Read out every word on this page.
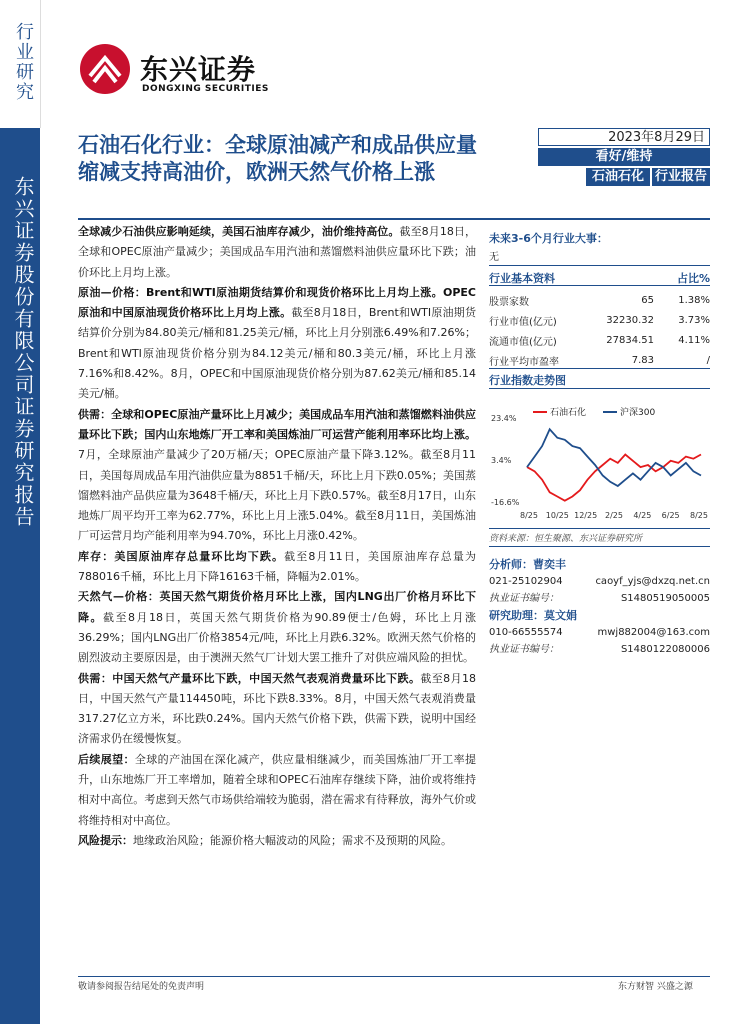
行业研究
东兴证券股份有限公司证券研究报告
东兴证券
DONGXING SECURITIES
石油石化行业：全球原油减产和成品供应量缩减支持高油价，欧洲天然气价格上涨
2023年8月29日
看好/维持
石油石化 行业报告

全球减少石油供应影响延续，美国石油库存减少，油价维持高位。截至8月18日，全球和OPEC原油产量减少；美国成品车用汽油和蒸馏燃料油供应量环比下跌；油价环比上月均上涨。

原油—价格：Brent和WTI原油期货结算价和现货价格环比上月均上涨。OPEC原油和中国原油现货价格环比上月均上涨。截至8月18日，Brent和WTI原油期货结算价分别为84.80美元/桶和81.25美元/桶，环比上月分别涨6.49%和7.26%；Brent和WTI原油现货价格分别为84.12美元/桶和80.3美元/桶，环比上月涨7.16%和8.42%。8月，OPEC和中国原油现货价格分别为87.62美元/桶和85.14美元/桶。

供需：全球和OPEC原油产量环比上月减少；美国成品车用汽油和蒸馏燃料油供应量环比下跌；国内山东地炼厂开工率和美国炼油厂可运营产能利用率环比均上涨。7月，全球原油产量减少了20万桶/天；OPEC原油产量下降3.12%。截至8月11日，美国每周成品车用汽油供应量为8851千桶/天，环比上月下跌0.05%；美国蒸馏燃料油产品供应量为3648千桶/天，环比上月下跌0.57%。截至8月17日，山东地炼厂周平均开工率为62.77%，环比上月上涨5.04%。截至8月11日，美国炼油厂可运营月均产能利用率为94.70%，环比上月涨0.42%。

库存：美国原油库存总量环比均下跌。截至8月11日，美国原油库存总量为788016千桶，环比上月下降16163千桶，降幅为2.01%。

天然气—价格：英国天然气期货价格月环比上涨，国内LNG出厂价格月环比下降。截至8月18日，英国天然气期货价格为90.89便士/色姆，环比上月涨36.29%；国内LNG出厂价格3854元/吨，环比上月跌6.32%。欧洲天然气价格的剧烈波动主要原因是，由于澳洲天然气厂计划大罢工推升了对供应端风险的担忧。

供需：中国天然气产量环比下跌，中国天然气表观消费量环比下跌。截至8月18日，中国天然气产量114450吨，环比下跌8.33%。8月，中国天然气表观消费量317.27亿立方米，环比跌0.24%。国内天然气价格下跌，供需下跌，说明中国经济需求仍在缓慢恢复。

后续展望：全球的产油国在深化减产，供应量相继减少，而美国炼油厂开工率提升，山东地炼厂开工率增加，随着全球和OPEC石油库存继续下降，油价或将维持相对中高位。考虑到天然气市场供给端较为脆弱，潜在需求有待释放，海外气价或将维持相对中高位。

风险提示：地缘政治风险；能源价格大幅波动的风险；需求不及预期的风险。

未来3-6个月行业大事：
无
行业基本资料	占比%
股票家数	65	1.38%
行业市值(亿元)	32230.32	3.73%
流通市值(亿元)	27834.51	4.11%
行业平均市盈率	7.83	/
行业指数走势图
石油石化	沪深300
23.4%
3.4%
-16.6%
8/25 10/25 12/25 2/25 4/25 6/25 8/25
资料来源：恒生聚源、东兴证券研究所
分析师：曹奕丰
021-25102904	caoyf_yjs@dxzq.net.cn
执业证书编号：	S1480519050005
研究助理：莫文娟
010-66555574	mwj882004@163.com
执业证书编号：	S1480122080006
敬请参阅报告结尾处的免责声明	东方财智 兴盛之源
